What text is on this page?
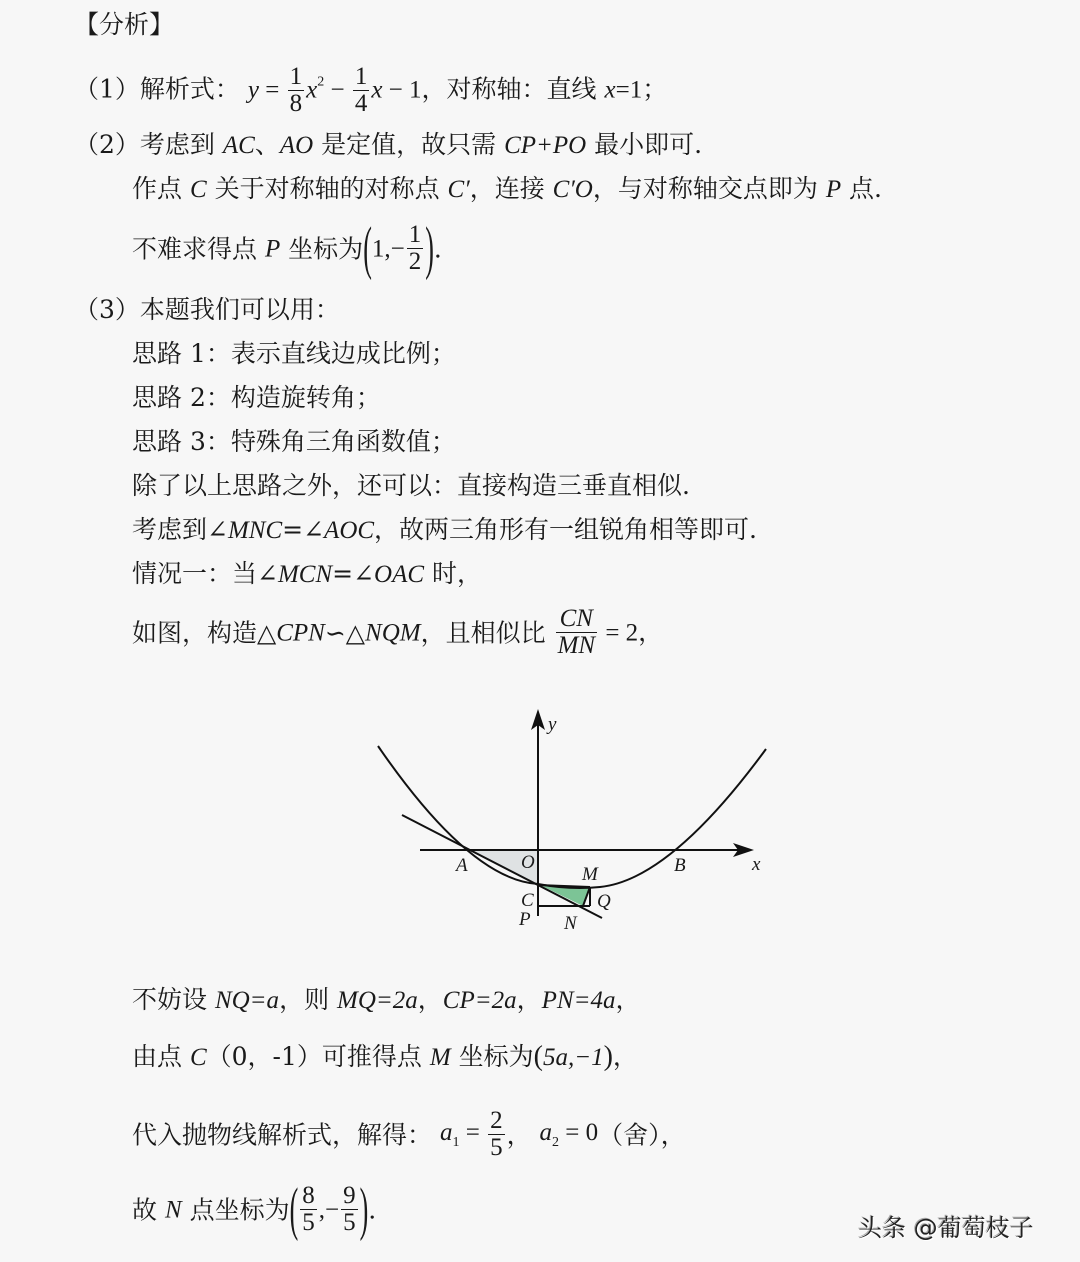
【分析】
（1）解析式： $y = \frac{1}{8} x^2 - \frac{1}{4}$ x − 1，对称轴：直线 x=1；
（2）考虑到 AC、AO 是定值，故只需 CP+PO 最小即可.
作点 C 关于对称轴的对称点 C′，连接 C′O，与对称轴交点即为 P 点.
不难求得点 P 坐标为($1,- \frac{1}{2}$ ).
（3）本题我们可以用：
思路 1：表示直线边成比例；
思路 2：构造旋转角；
思路 3：特殊角三角函数值；
除了以上思路之外，还可以：直接构造三垂直相似.
考虑到∠MNC=∠AOC，故两三角形有一组锐角相等即可.
情况一：当∠MCN=∠OAC 时，
如图，构造△CPN∽△NQM，且相似比 $\frac{CN}{MN} = 2$，
y
x
A	O	B
M
C	Q
P N
不妨设 NQ=a，则 MQ=2a，CP=2a，PN=4a，
由点 C（0，-1）可推得点 M 坐标为(5a,−1)，
代入抛物线解析式，解得： $a_1 = \frac{2}{5}$ ， $a_2 = 0$（舍），
故 N 点坐标为( $\frac{8}{5}$ ,− $\frac{9}{5}$ ).
头条 @葡萄枝子
